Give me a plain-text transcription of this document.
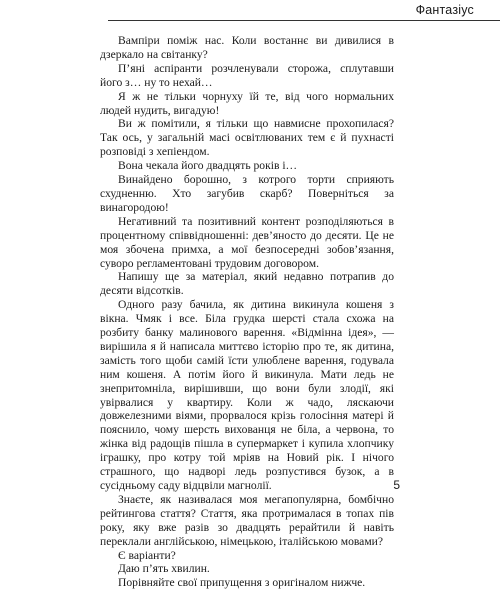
Фантазіус

Вампіри поміж нас. Коли востаннє ви дивилися в дзеркало на світанку?

П’яні аспіранти розчленували сторожа, сплутавши його з… ну то нехай…

Я ж не тільки чорнуху їй те, від чого нормальних людей нудить, вигадую!

Ви ж помітили, я тільки що навмисне прохопилася? Так ось, у загальній масі освітлюваних тем є й пухнасті розповіді з хепіендом.

Вона чекала його двадцять років і…

Винайдено борошно, з котрого торти сприяють схудненню. Хто загубив скарб? Поверніться за винагородою!

Негативний та позитивний контент розподіляються в процентному співвідношенні: дев’яносто до десяти. Це не моя збочена примха, а мої безпосередні зобов’язання, суворо регламентовані трудовим договором.

Напишу ще за матеріал, який недавно потрапив до десяти відсотків.

Одного разу бачила, як дитина викинула кошеня з вікна. Чмяк і все. Біла грудка шерсті стала схожа на розбиту банку малинового варення. «Відмінна ідея», — вирішила я й написала миттєво історію про те, як дитина, замість того щоби самій їсти улюблене варення, годувала ним кошеня. А потім його й викинула. Мати ледь не знепритомніла, вирішивши, що вони були злодії, які увірвалися у квартиру. Коли ж чадо, ляскаючи довжелезними віями, прорвалося крізь голосіння матері й пояснило, чому шерсть вихованця не біла, а червона, то жінка від радощів пішла в супермаркет і купила хлопчику іграшку, про котру той мріяв на Новий рік. І нічого страшного, що надворі ледь розпустився бузок, а в сусідньому саду відцвіли магнолії.

Знаєте, як називалася моя мегапопулярна, бомбічно рейтингова стаття? Стаття, яка протрималася в топах пів року, яку вже разів зо двадцять рерайтили й навіть переклали англійською, німецькою, італійською мовами?

Є варіанти?

Даю п’ять хвилин.

Порівняйте свої припущення з оригіналом нижче.

5
